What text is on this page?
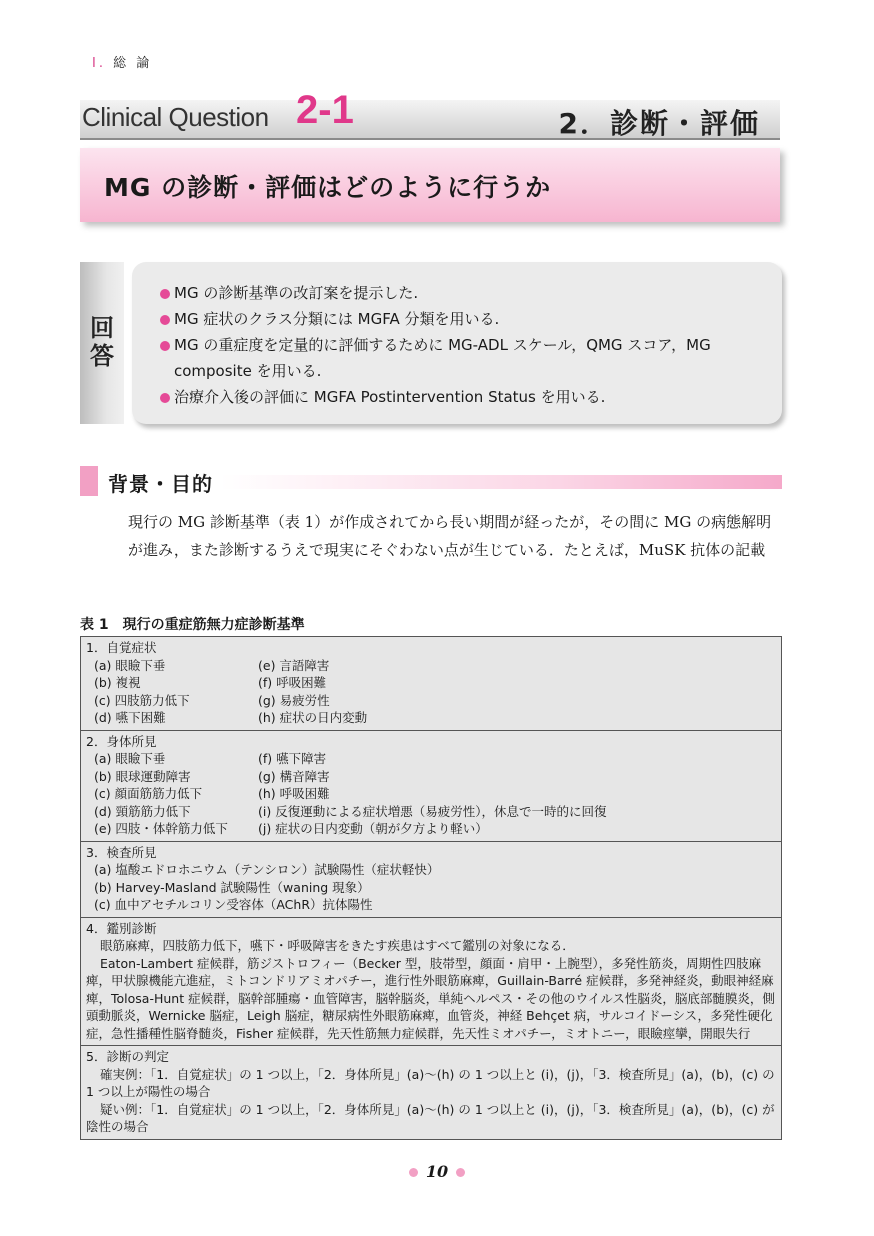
Ⅰ. 総 論
Clinical Question 2-1	2．診断・評価
MG の診断・評価はどのように行うか
回答
MG の診断基準の改訂案を提示した.
MG 症状のクラス分類には MGFA 分類を用いる.
MG の重症度を定量的に評価するために MG-ADL スケール，QMG スコア，MG composite を用いる.
治療介入後の評価に MGFA Postintervention Status を用いる.
背景・目的
現行の MG 診断基準（表 1）が作成されてから長い期間が経ったが，その間に MG の病態解明
が進み，また診断するうえで現実にそぐわない点が生じている．たとえば，MuSK 抗体の記載
表 1 現行の重症筋無力症診断基準
1．自覚症状
(a) 眼瞼下垂	(e) 言語障害
(b) 複視	(f) 呼吸困難
(c) 四肢筋力低下	(g) 易疲労性
(d) 嚥下困難	(h) 症状の日内変動
2．身体所見
(a) 眼瞼下垂	(f) 嚥下障害
(b) 眼球運動障害	(g) 構音障害
(c) 顔面筋筋力低下	(h) 呼吸困難
(d) 頸筋筋力低下	(i) 反復運動による症状増悪（易疲労性），休息で一時的に回復
(e) 四肢・体幹筋力低下	(j) 症状の日内変動（朝が夕方より軽い）
3．検査所見
(a) 塩酸エドロホニウム（テンシロン）試験陽性（症状軽快）
(b) Harvey-Masland 試験陽性（waning 現象）
(c) 血中アセチルコリン受容体（AChR）抗体陽性
4．鑑別診断
眼筋麻痺，四肢筋力低下，嚥下・呼吸障害をきたす疾患はすべて鑑別の対象になる．
Eaton-Lambert 症候群，筋ジストロフィー（Becker 型，肢帯型，顔面・肩甲・上腕型），多発性筋炎，周期性四肢麻痺，甲状腺機能亢進症，ミトコンドリアミオパチー，進行性外眼筋麻痺，Guillain-Barré 症候群，多発神経炎，動眼神経麻痺，Tolosa-Hunt 症候群，脳幹部腫瘍・血管障害，脳幹脳炎，単純ヘルペス・その他のウイルス性脳炎，脳底部髄膜炎，側頭動脈炎，Wernicke 脳症，Leigh 脳症，糖尿病性外眼筋麻痺，血管炎，神経 Behçet 病，サルコイドーシス，多発性硬化症，急性播種性脳脊髄炎，Fisher 症候群，先天性筋無力症候群，先天性ミオパチー，ミオトニー，眼瞼痙攣，開眼失行
5．診断の判定
確実例：「1．自覚症状」の 1 つ以上，「2．身体所見」(a)～(h) の 1 つ以上と (i)，(j)，「3．検査所見」(a)，(b)，(c) の 1 つ以上が陽性の場合
疑い例：「1．自覚症状」の 1 つ以上，「2．身体所見」(a)～(h) の 1 つ以上と (i)，(j)，「3．検査所見」(a)，(b)，(c) が陰性の場合
10
